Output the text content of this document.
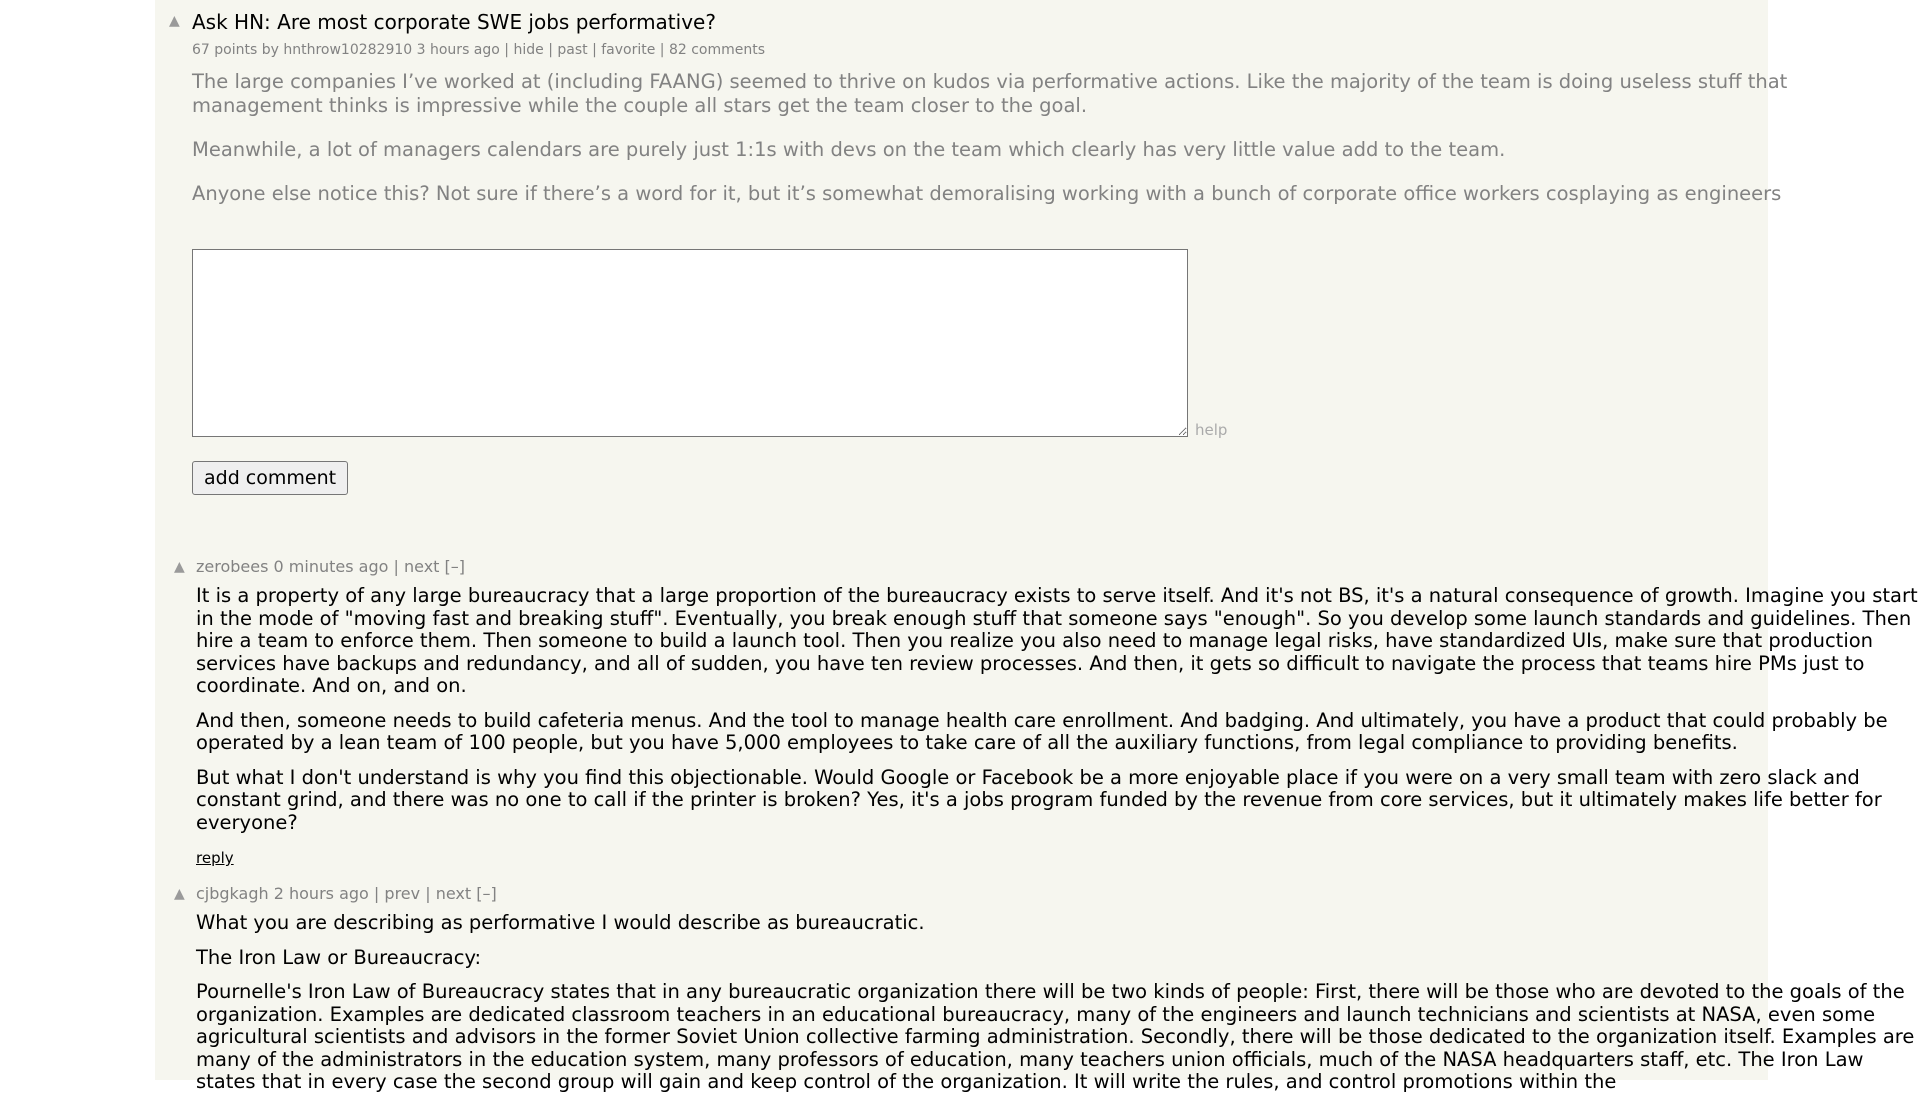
▲ Ask HN: Are most corporate SWE jobs performative?
67 points by hnthrow10282910 3 hours ago | hide | past | favorite | 82 comments

The large companies I’ve worked at (including FAANG) seemed to thrive on kudos via performative actions. Like the majority of the team is doing useless stuff that management thinks is impressive while the couple all stars get the team closer to the goal.

Meanwhile, a lot of managers calendars are purely just 1:1s with devs on the team which clearly has very little value add to the team.

Anyone else notice this? Not sure if there’s a word for it, but it’s somewhat demoralising working with a bunch of corporate office workers cosplaying as engineers

help
add comment
▲ zerobees 0 minutes ago | next [–]

It is a property of any large bureaucracy that a large proportion of the bureaucracy exists to serve itself. And it's not BS, it's a natural consequence of growth. Imagine you start in the mode of "moving fast and breaking stuff". Eventually, you break enough stuff that someone says "enough". So you develop some launch standards and guidelines. Then hire a team to enforce them. Then someone to build a launch tool. Then you realize you also need to manage legal risks, have standardized UIs, make sure that production services have backups and redundancy, and all of sudden, you have ten review processes. And then, it gets so difficult to navigate the process that teams hire PMs just to coordinate. And on, and on.

And then, someone needs to build cafeteria menus. And the tool to manage health care enrollment. And badging. And ultimately, you have a product that could probably be operated by a lean team of 100 people, but you have 5,000 employees to take care of all the auxiliary functions, from legal compliance to providing benefits.

But what I don't understand is why you find this objectionable. Would Google or Facebook be a more enjoyable place if you were on a very small team with zero slack and constant grind, and there was no one to call if the printer is broken? Yes, it's a jobs program funded by the revenue from core services, but it ultimately makes life better for everyone?

reply
▲ cjbgkagh 2 hours ago | prev | next [–]

What you are describing as performative I would describe as bureaucratic.

The Iron Law or Bureaucracy:

Pournelle's Iron Law of Bureaucracy states that in any bureaucratic organization there will be two kinds of people: First, there will be those who are devoted to the goals of the organization. Examples are dedicated classroom teachers in an educational bureaucracy, many of the engineers and launch technicians and scientists at NASA, even some agricultural scientists and advisors in the former Soviet Union collective farming administration. Secondly, there will be those dedicated to the organization itself. Examples are many of the administrators in the education system, many professors of education, many teachers union officials, much of the NASA headquarters staff, etc. The Iron Law states that in every case the second group will gain and keep control of the organization. It will write the rules, and control promotions within the
